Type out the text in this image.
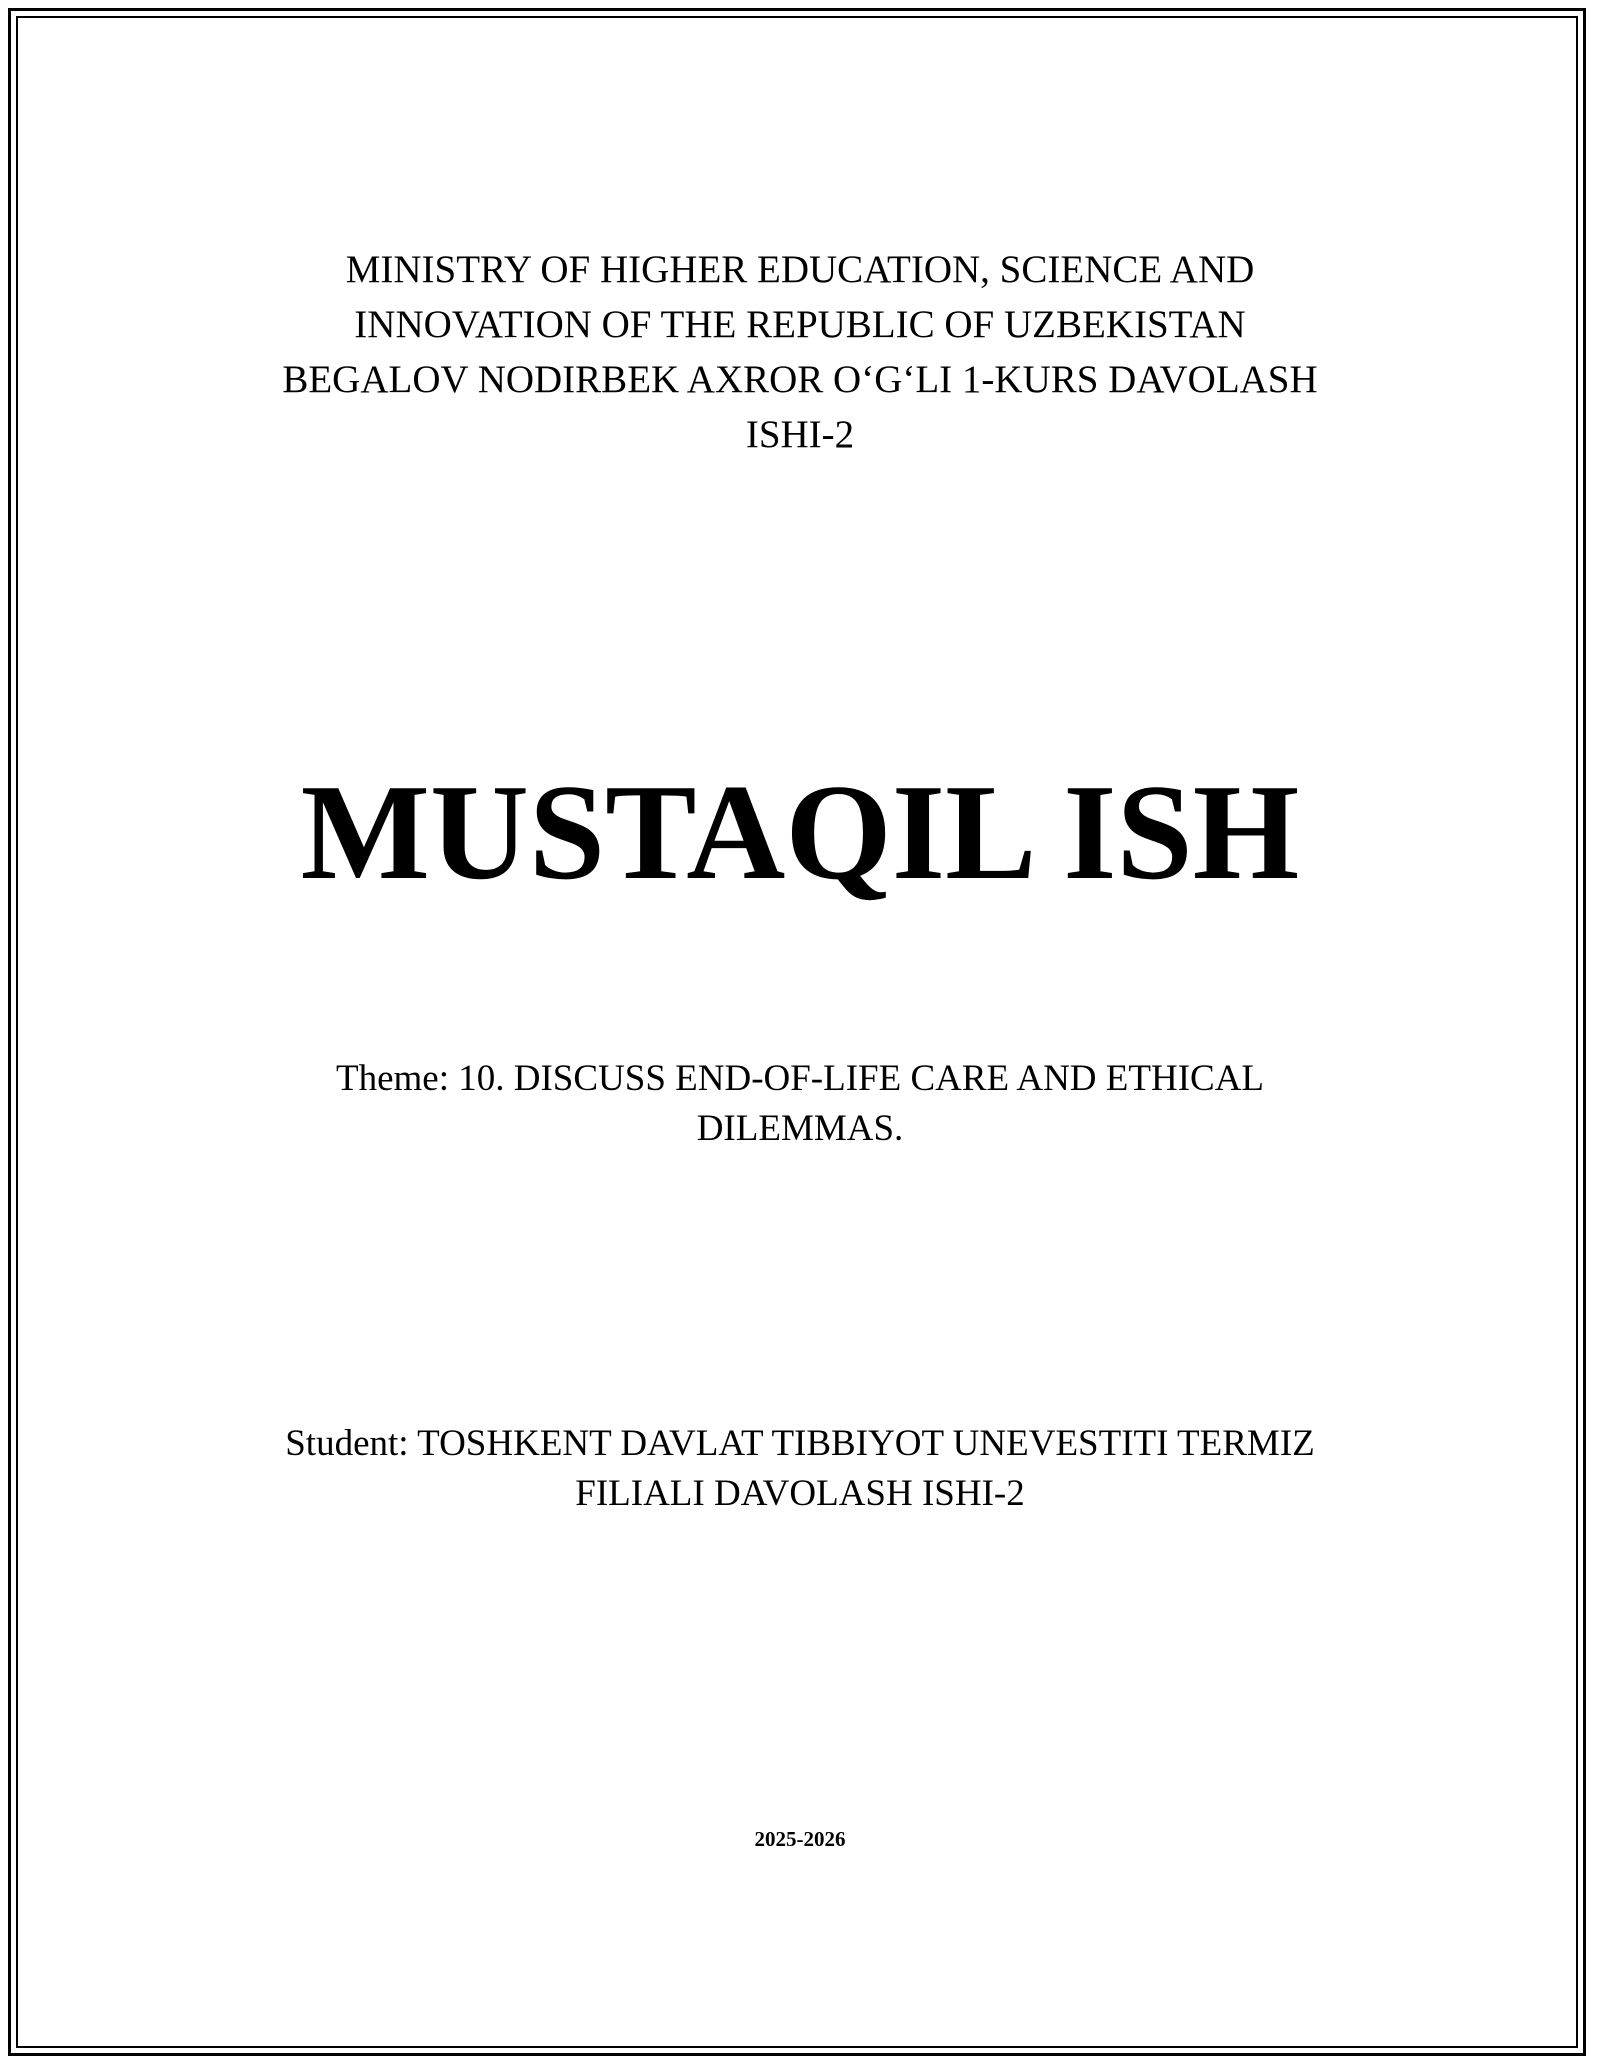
MINISTRY OF HIGHER EDUCATION, SCIENCE AND
INNOVATION OF THE REPUBLIC OF UZBEKISTAN
BEGALOV NODIRBEK AXROR O‘G‘LI 1-KURS DAVOLASH
ISHI-2
MUSTAQIL ISH
Theme: 10. DISCUSS END-OF-LIFE CARE AND ETHICAL
DILEMMAS.
Student: TOSHKENT DAVLAT TIBBIYOT UNEVESTITI TERMIZ
FILIALI DAVOLASH ISHI-2
2025-2026
